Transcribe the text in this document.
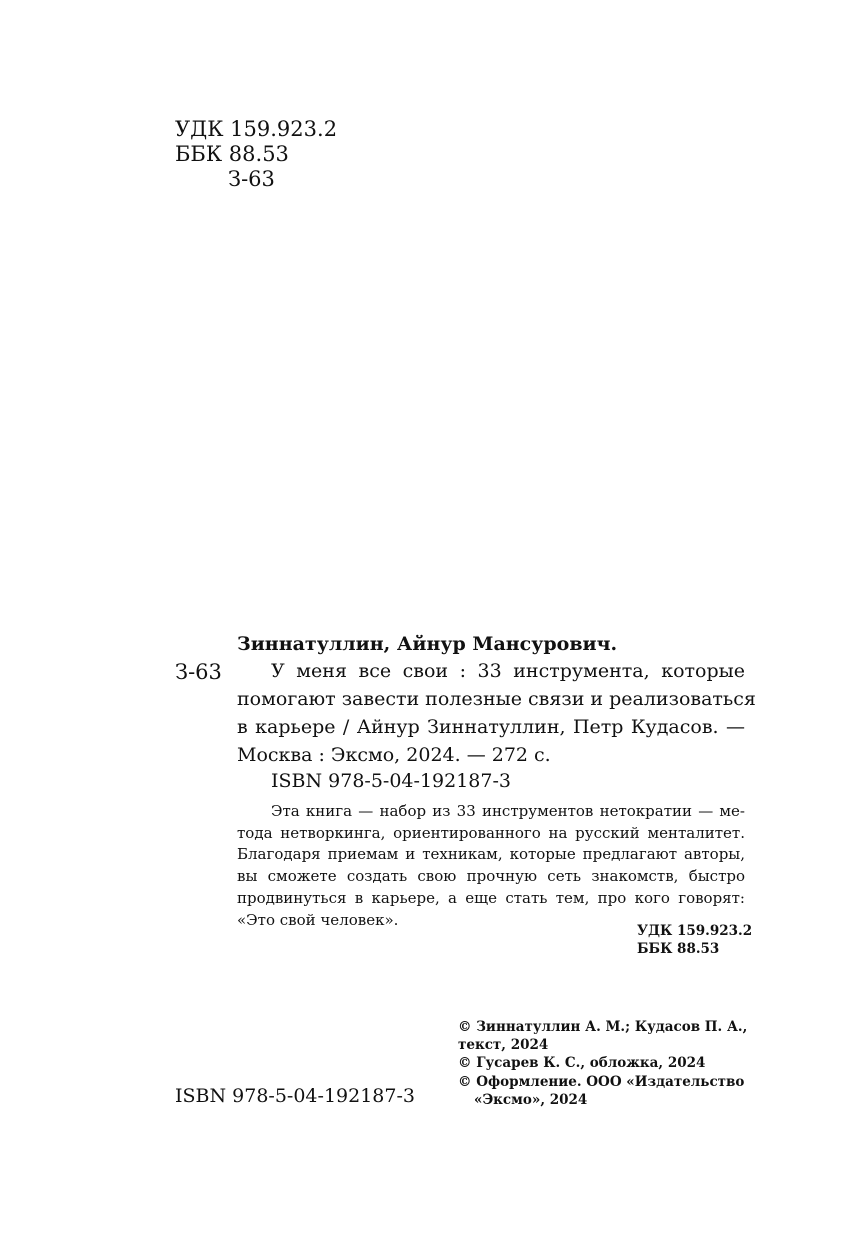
УДК 159.923.2
ББК 88.53
З-63
Зиннатуллин, Айнур Мансурович.
З-63	У меня все свои : 33 инструмента, которые
помогают завести полезные связи и реализоваться
в карьере / Айнур Зиннатуллин, Петр Кудасов. —
Москва : Эксмо, 2024. — 272 с.
ISBN 978-5-04-192187-3
Эта книга — набор из 33 инструментов нетократии — ме-
тода нетворкинга, ориентированного на русский менталитет.
Благодаря приемам и техникам, которые предлагают авторы,
вы сможете создать свою прочную сеть знакомств, быстро
продвинуться в карьере, а еще стать тем, про кого говорят:
«Это свой человек».
УДК 159.923.2
ББК 88.53
ISBN 978-5-04-192187-3
© Зиннатуллин А. М.; Кудасов П. А.,
текст, 2024
© Гусарев К. С., обложка, 2024
© Оформление. ООО «Издательство
«Эксмо», 2024
